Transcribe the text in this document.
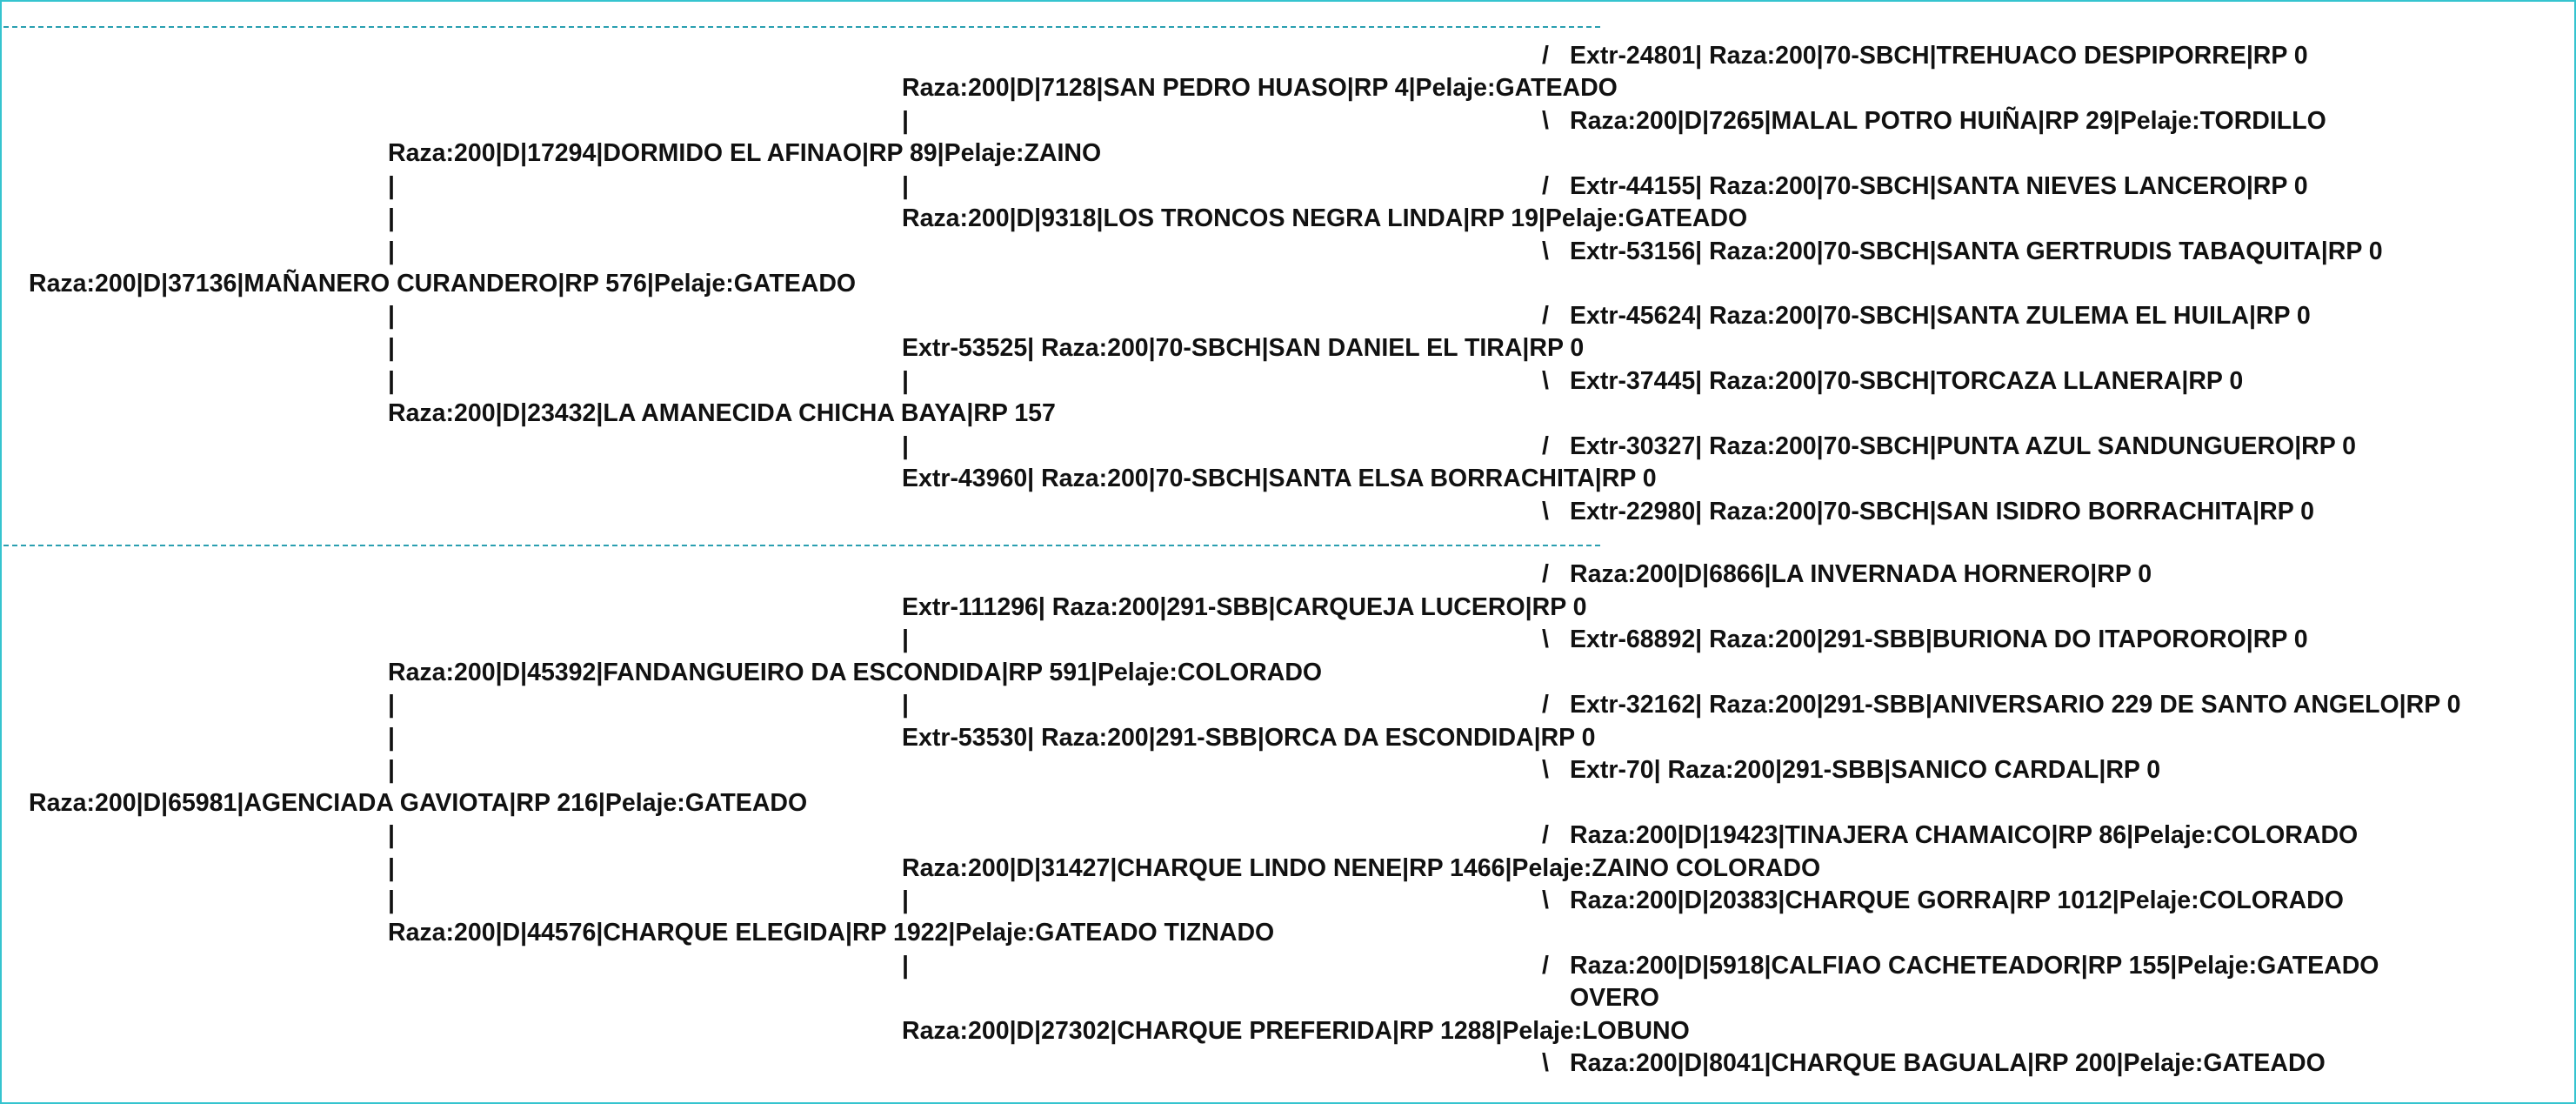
/ Extr-24801| Raza:200|70-SBCH|TREHUACO DESPIPORRE|RP 0
\ Raza:200|D|7265|MALAL POTRO HUIÑA|RP 29|Pelaje:TORDILLO
/ Extr-44155| Raza:200|70-SBCH|SANTA NIEVES LANCERO|RP 0
\ Extr-53156| Raza:200|70-SBCH|SANTA GERTRUDIS TABAQUITA|RP 0
/ Extr-45624| Raza:200|70-SBCH|SANTA ZULEMA EL HUILA|RP 0
\ Extr-37445| Raza:200|70-SBCH|TORCAZA LLANERA|RP 0
/ Extr-30327| Raza:200|70-SBCH|PUNTA AZUL SANDUNGUERO|RP 0
\ Extr-22980| Raza:200|70-SBCH|SAN ISIDRO BORRACHITA|RP 0
Raza:200|D|7128|SAN PEDRO HUASO|RP 4|Pelaje:GATEADO
|
|
Raza:200|D|9318|LOS TRONCOS NEGRA LINDA|RP 19|Pelaje:GATEADO
Extr-53525| Raza:200|70-SBCH|SAN DANIEL EL TIRA|RP 0
|
|
Extr-43960| Raza:200|70-SBCH|SANTA ELSA BORRACHITA|RP 0
Raza:200|D|17294|DORMIDO EL AFINAO|RP 89|Pelaje:ZAINO
|
|
|
|
|
|
Raza:200|D|23432|LA AMANECIDA CHICHA BAYA|RP 157
Raza:200|D|37136|MAÑANERO CURANDERO|RP 576|Pelaje:GATEADO
/ Raza:200|D|6866|LA INVERNADA HORNERO|RP 0
\ Extr-68892| Raza:200|291-SBB|BURIONA DO ITAPORORO|RP 0
/ Extr-32162| Raza:200|291-SBB|ANIVERSARIO 229 DE SANTO ANGELO|RP 0
\ Extr-70| Raza:200|291-SBB|SANICO CARDAL|RP 0
/ Raza:200|D|19423|TINAJERA CHAMAICO|RP 86|Pelaje:COLORADO
\ Raza:200|D|20383|CHARQUE GORRA|RP 1012|Pelaje:COLORADO
/ Raza:200|D|5918|CALFIAO CACHETEADOR|RP 155|Pelaje:GATEADO
OVERO
\ Raza:200|D|8041|CHARQUE BAGUALA|RP 200|Pelaje:GATEADO
Extr-111296| Raza:200|291-SBB|CARQUEJA LUCERO|RP 0
|
|
Extr-53530| Raza:200|291-SBB|ORCA DA ESCONDIDA|RP 0
Raza:200|D|31427|CHARQUE LINDO NENE|RP 1466|Pelaje:ZAINO COLORADO
|
|
Raza:200|D|27302|CHARQUE PREFERIDA|RP 1288|Pelaje:LOBUNO
Raza:200|D|45392|FANDANGUEIRO DA ESCONDIDA|RP 591|Pelaje:COLORADO
|
|
|
|
|
|
Raza:200|D|44576|CHARQUE ELEGIDA|RP 1922|Pelaje:GATEADO TIZNADO
Raza:200|D|65981|AGENCIADA GAVIOTA|RP 216|Pelaje:GATEADO
